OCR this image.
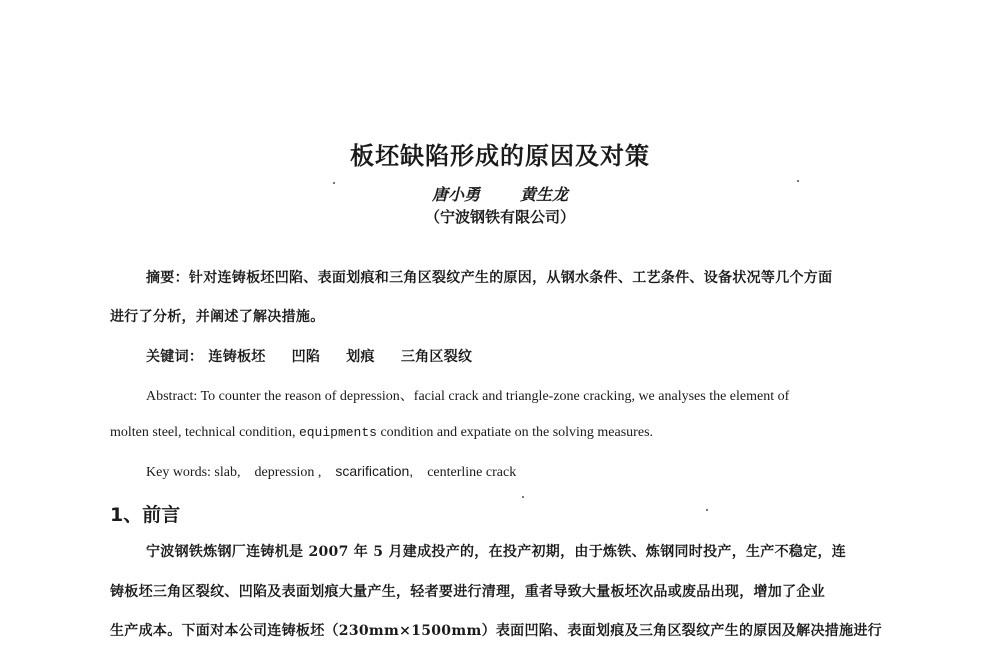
板坯缺陷形成的原因及对策
唐小勇	黄生龙
（宁波钢铁有限公司）
摘要：针对连铸板坯凹陷、表面划痕和三角区裂纹产生的原因，从钢水条件、工艺条件、设备状况等几个方面
进行了分析，并阐述了解决措施。
关键词： 连铸板坯 凹陷 划痕 三角区裂纹
Abstract: To counter the reason of depression、facial crack and triangle-zone cracking, we analyses the element of
molten steel, technical condition, equipments condition and expatiate on the solving measures.
Key words: slab, depression , scarification, centerline crack
1、前言
宁波钢铁炼钢厂连铸机是 2007 年 5 月建成投产的，在投产初期，由于炼铁、炼钢同时投产，生产不稳定，连
铸板坯三角区裂纹、凹陷及表面划痕大量产生，轻者要进行清理，重者导致大量板坯次品或废品出现，增加了企业
生产成本。下面对本公司连铸板坯（230mm×1500mm）表面凹陷、表面划痕及三角区裂纹产生的原因及解决措施进行
